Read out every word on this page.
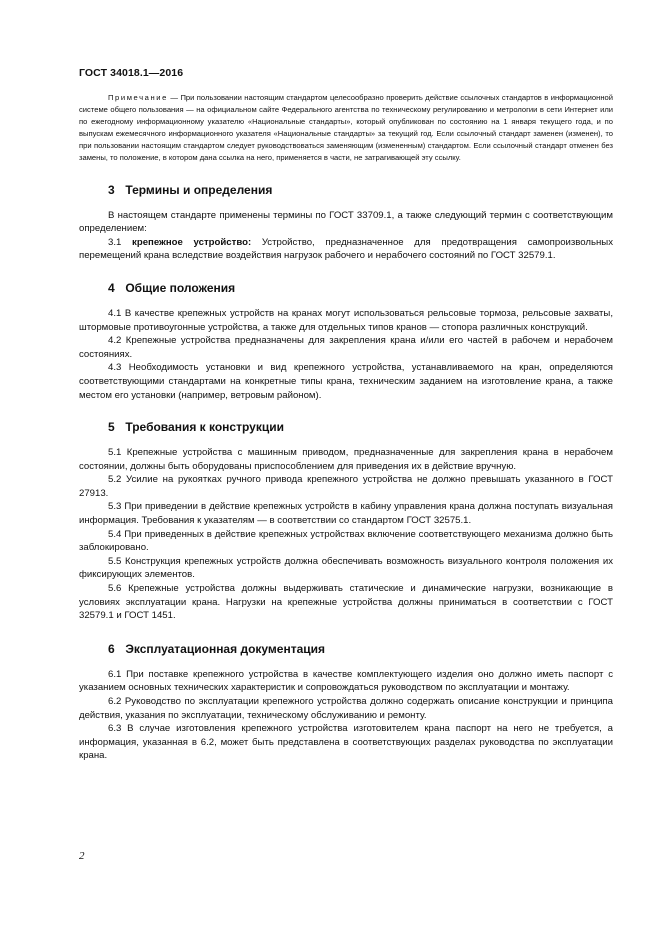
ГОСТ 34018.1—2016

Примечание — При пользовании настоящим стандартом целесообразно проверить действие ссылочных стандартов в информационной системе общего пользования — на официальном сайте Федерального агентства по техническому регулированию и метрологии в сети Интернет или по ежегодному информационному указателю «Национальные стандарты», который опубликован по состоянию на 1 января текущего года, и по выпускам ежемесячного информационного указателя «Национальные стандарты» за текущий год. Если ссылочный стандарт заменен (изменен), то при пользовании настоящим стандартом следует руководствоваться заменяющим (измененным) стандартом. Если ссылочный стандарт отменен без замены, то положение, в котором дана ссылка на него, применяется в части, не затрагивающей эту ссылку.

3 Термины и определения

В настоящем стандарте применены термины по ГОСТ 33709.1, а также следующий термин с соответствующим определением:

3.1 крепежное устройство: Устройство, предназначенное для предотвращения самопроизвольных перемещений крана вследствие воздействия нагрузок рабочего и нерабочего состояний по ГОСТ 32579.1.

4 Общие положения

4.1 В качестве крепежных устройств на кранах могут использоваться рельсовые тормоза, рельсовые захваты, штормовые противоугонные устройства, а также для отдельных типов кранов — стопора различных конструкций.

4.2 Крепежные устройства предназначены для закрепления крана и/или его частей в рабочем и нерабочем состояниях.

4.3 Необходимость установки и вид крепежного устройства, устанавливаемого на кран, определяются соответствующими стандартами на конкретные типы крана, техническим заданием на изготовление крана, а также местом его установки (например, ветровым районом).

5 Требования к конструкции

5.1 Крепежные устройства с машинным приводом, предназначенные для закрепления крана в нерабочем состоянии, должны быть оборудованы приспособлением для приведения их в действие вручную.

5.2 Усилие на рукоятках ручного привода крепежного устройства не должно превышать указанного в ГОСТ 27913.

5.3 При приведении в действие крепежных устройств в кабину управления крана должна поступать визуальная информация. Требования к указателям — в соответствии со стандартом ГОСТ 32575.1.

5.4 При приведенных в действие крепежных устройствах включение соответствующего механизма должно быть заблокировано.

5.5 Конструкция крепежных устройств должна обеспечивать возможность визуального контроля положения их фиксирующих элементов.

5.6 Крепежные устройства должны выдерживать статические и динамические нагрузки, возникающие в условиях эксплуатации крана. Нагрузки на крепежные устройства должны приниматься в соответствии с ГОСТ 32579.1 и ГОСТ 1451.

6 Эксплуатационная документация

6.1 При поставке крепежного устройства в качестве комплектующего изделия оно должно иметь паспорт с указанием основных технических характеристик и сопровождаться руководством по эксплуатации и монтажу.

6.2 Руководство по эксплуатации крепежного устройства должно содержать описание конструкции и принципа действия, указания по эксплуатации, техническому обслуживанию и ремонту.

6.3 В случае изготовления крепежного устройства изготовителем крана паспорт на него не требуется, а информация, указанная в 6.2, может быть представлена в соответствующих разделах руководства по эксплуатации крана.

2
